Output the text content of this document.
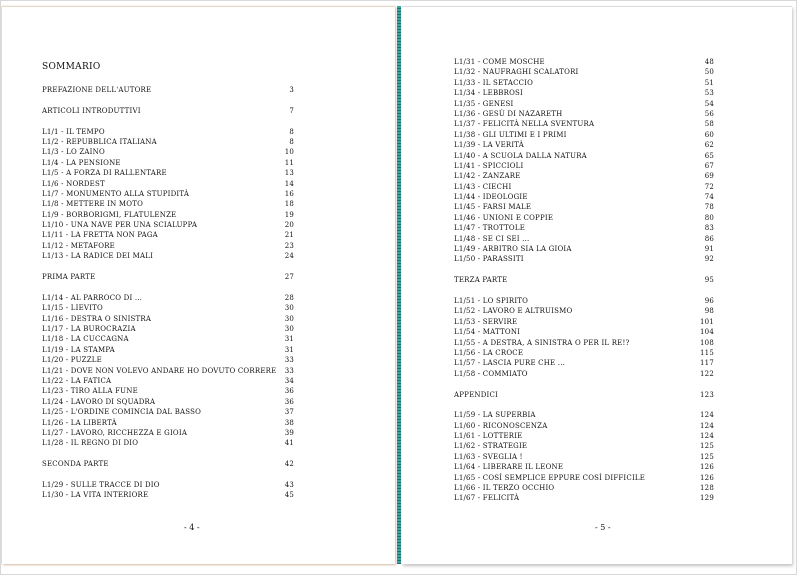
SOMMARIO
PREFAZIONE DELL'AUTORE	3
ARTICOLI INTRODUTTIVI	7
L1/1 - IL TEMPO	8
L1/2 - REPUBBLICA ITALIANA	8
L1/3 - LO ZAINO	10
L1/4 - LA PENSIONE	11
L1/5 - A FORZA DI RALLENTARE	13
L1/6 - NORDEST	14
L1/7 - MONUMENTO ALLA STUPIDITÀ	16
L1/8 - METTERE IN MOTO	18
L1/9 - BORBORIGMI, FLATULENZE	19
L1/10 - UNA NAVE PER UNA SCIALUPPA	20
L1/11 - LA FRETTA NON PAGA	21
L1/12 - METAFORE	23
L1/13 - LA RADICE DEI MALI	24
PRIMA PARTE	27
L1/14 - AL PARROCO DI ...	28
L1/15 - LIEVITO	30
L1/16 - DESTRA O SINISTRA	30
L1/17 - LA BUROCRAZIA	30
L1/18 - LA CUCCAGNA	31
L1/19 - LA STAMPA	31
L1/20 - PUZZLE	33
L1/21 - DOVE NON VOLEVO ANDARE HO DOVUTO CORRERE 33
L1/22 - LA FATICA	34
L1/23 - TIRO ALLA FUNE	36
L1/24 - LAVORO DI SQUADRA	36
L1/25 - L'ORDINE COMINCIA DAL BASSO	37
L1/26 - LA LIBERTÀ	38
L1/27 - LAVORO, RICCHEZZA E GIOIA	39
L1/28 - IL REGNO DI DIO	41
SECONDA PARTE	42
L1/29 - SULLE TRACCE DI DIO	43
L1/30 - LA VITA INTERIORE	45
- 4 -
L1/31 - COME MOSCHE	48
L1/32 - NAUFRAGHI SCALATORI	50
L1/33 - IL SETACCIO	51
L1/34 - LEBBROSI	53
L1/35 - GENESI	54
L1/36 - GESÙ DI NAZARETH	56
L1/37 - FELICITÀ NELLA SVENTURA	58
L1/38 - GLI ULTIMI E I PRIMI	60
L1/39 - LA VERITÀ	62
L1/40 - A SCUOLA DALLA NATURA	65
L1/41 - SPICCIOLI	67
L1/42 - ZANZARE	69
L1/43 - CIECHI	72
L1/44 - IDEOLOGIE	74
L1/45 - FARSI MALE	78
L1/46 - UNIONI E COPPIE	80
L1/47 - TROTTOLE	83
L1/48 - SE CI SEI ...	86
L1/49 - ARBITRO SIA LA GIOIA	91
L1/50 - PARASSITI	92
TERZA PARTE	95
L1/51 - LO SPIRITO	96
L1/52 - LAVORO E ALTRUISMO	98
L1/53 - SERVIRE	101
L1/54 - MATTONI	104
L1/55 - A DESTRA, A SINISTRA O PER IL RE!?	108
L1/56 - LA CROCE	115
L1/57 - LASCIA PURE CHE ...	117
L1/58 - COMMIATO	122
APPENDICI	123
L1/59 - LA SUPERBIA	124
L1/60 - RICONOSCENZA	124
L1/61 - LOTTERIE	124
L1/62 - STRATEGIE	125
L1/63 - SVEGLIA !	125
L1/64 - LIBERARE IL LEONE	126
L1/65 - COSÌ SEMPLICE EPPURE COSÌ DIFFICILE	126
L1/66 - IL TERZO OCCHIO	128
L1/67 - FELICITÀ	129
- 5 -
